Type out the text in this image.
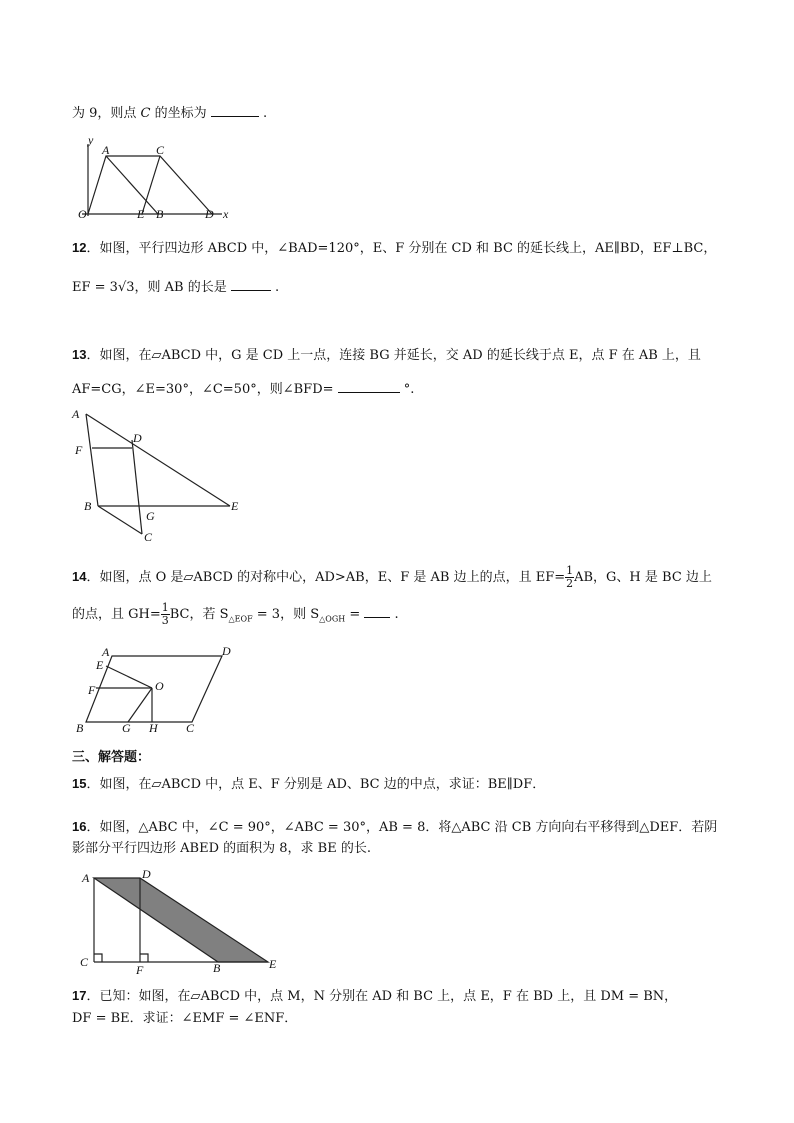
为 9，则点 C 的坐标为	.
y
A	C
O	E B	D x
12．如图，平行四边形 ABCD 中，∠BAD=120°，E、F 分别在 CD 和 BC 的延长线上，AE∥BD，EF⊥BC，
EF = 3√3，则 AB 的长是	.
13．如图，在▱ABCD 中，G 是 CD 上一点，连接 BG 并延长，交 AD 的延长线于点 E，点 F 在 AB 上，且
AF=CG，∠E=30°，∠C=50°，则∠BFD=	°.
A
D
F
B
G
E
C
14．如图，点 O 是▱ABCD 的对称中心，AD>AB，E、F 是 AB 边上的点，且 $EF= \frac{1}{2}$ AB，G、H 是 BC 边上
的点，且 $GH= \frac{1}{3}$ BC，若 $S_{\triangle EOF} = 3$，则 $S_{\triangle OGH}$ =	.
A	D
E
F	O
B	G H C
三、解答题：
15．如图，在▱ABCD 中，点 E、F 分别是 AD、BC 边的中点，求证：BE∥DF．
16．如图，△ABC 中，∠C = 90°，∠ABC = 30°，AB = 8．将△ABC 沿 CB 方向向右平移得到△DEF．若阴
影部分平行四边形 ABED 的面积为 8，求 BE 的长.
A	D
C
F	B	E
17．已知：如图，在▱ABCD 中，点 M，N 分别在 AD 和 BC 上，点 E，F 在 BD 上，且 DM = BN，
DF = BE．求证：∠EMF = ∠ENF．
